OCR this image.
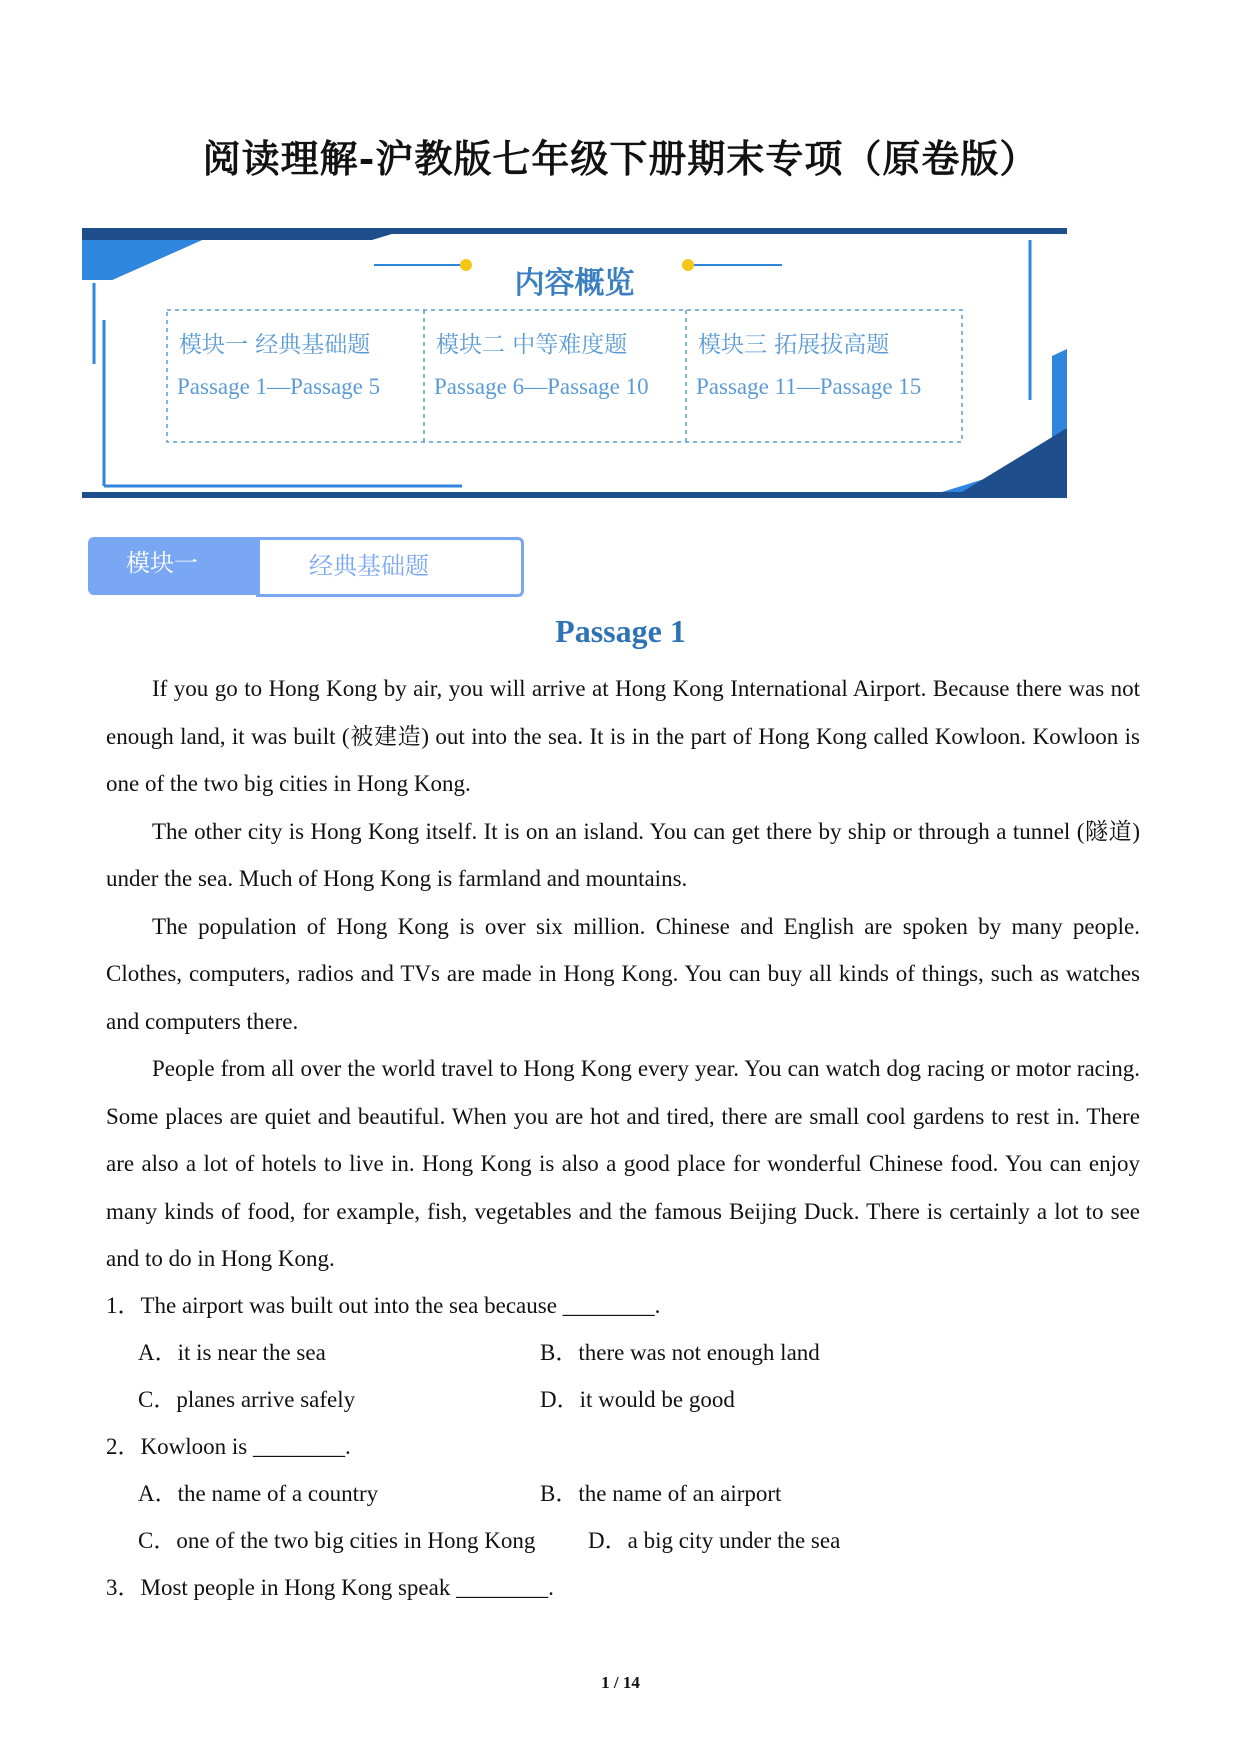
阅读理解-沪教版七年级下册期末专项（原卷版）
内容概览
模块一 经典基础题
Passage 1—Passage 5
模块二 中等难度题
Passage 6—Passage 10
模块三 拓展拔高题
Passage 11—Passage 15
经典基础题
模块一
Passage 1

If you go to Hong Kong by air, you will arrive at Hong Kong International Airport. Because there was not enough land, it was built (被建造) out into the sea. It is in the part of Hong Kong called Kowloon. Kowloon is one of the two big cities in Hong Kong.

The other city is Hong Kong itself. It is on an island. You can get there by ship or through a tunnel (隧道) under the sea. Much of Hong Kong is farmland and mountains.

The population of Hong Kong is over six million. Chinese and English are spoken by many people. Clothes, computers, radios and TVs are made in Hong Kong. You can buy all kinds of things, such as watches and computers there.

People from all over the world travel to Hong Kong every year. You can watch dog racing or motor racing. Some places are quiet and beautiful. When you are hot and tired, there are small cool gardens to rest in. There are also a lot of hotels to live in. Hong Kong is also a good place for wonderful Chinese food. You can enjoy many kinds of food, for example, fish, vegetables and the famous Beijing Duck. There is certainly a lot to see and to do in Hong Kong.

1．The airport was built out into the sea because ________.
A．it is near the sea	B．there was not enough land
C．planes arrive safely	D．it would be good
2．Kowloon is ________.
A．the name of a country	B．the name of an airport
C．one of the two big cities in Hong Kong D．a big city under the sea
3．Most people in Hong Kong speak ________.
1 / 14
